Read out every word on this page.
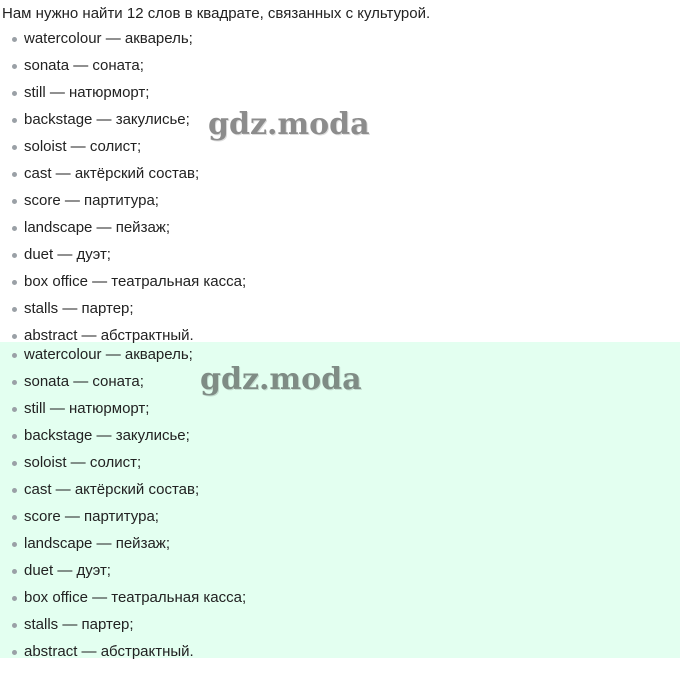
Нам нужно найти 12 слов в квадрате, связанных с культурой.
watercolour — акварель;
sonata — соната;
still — натюрморт;
backstage — закулисье;
soloist — солист;
cast — актёрский состав;
score — партитура;
landscape — пейзаж;
duet — дуэт;
box office — театральная касса;
stalls — партер;
abstract — абстрактный.
watercolour — акварель;
sonata — соната;
still — натюрморт;
backstage — закулисье;
soloist — солист;
cast — актёрский состав;
score — партитура;
landscape — пейзаж;
duet — дуэт;
box office — театральная касса;
stalls — партер;
abstract — абстрактный.
gdz.moda
gdz.moda
